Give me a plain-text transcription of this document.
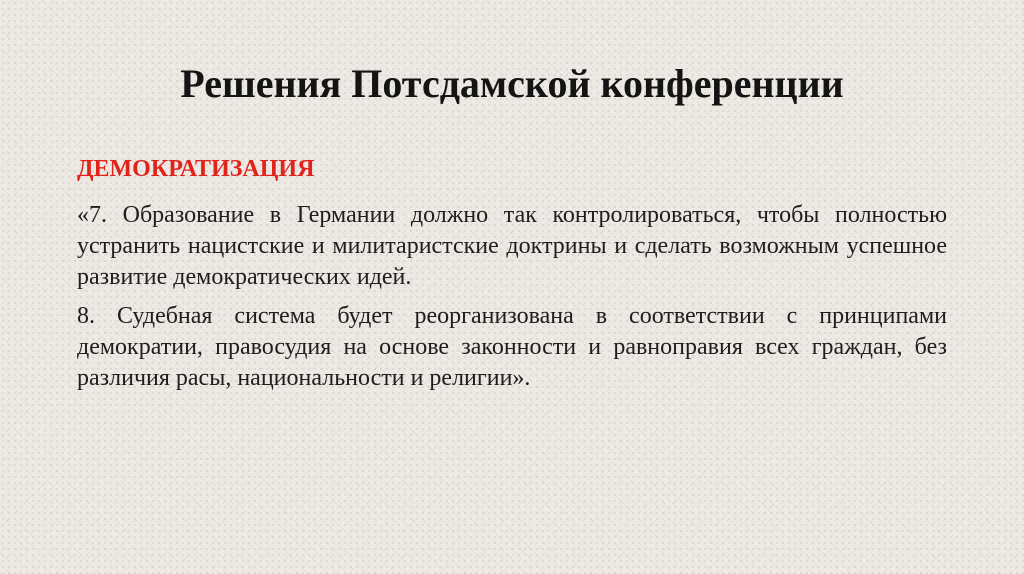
Решения Потсдамской конференции
ДЕМОКРАТИЗАЦИЯ

«7. Образование в Германии должно так контролироваться, чтобы полностью устранить нацистские и милитаристские доктрины и сделать возможным успешное развитие демократических идей.

8. Судебная система будет реорганизована в соответствии с принципами демократии, правосудия на основе законности и равноправия всех граждан, без различия расы, национальности и религии».
